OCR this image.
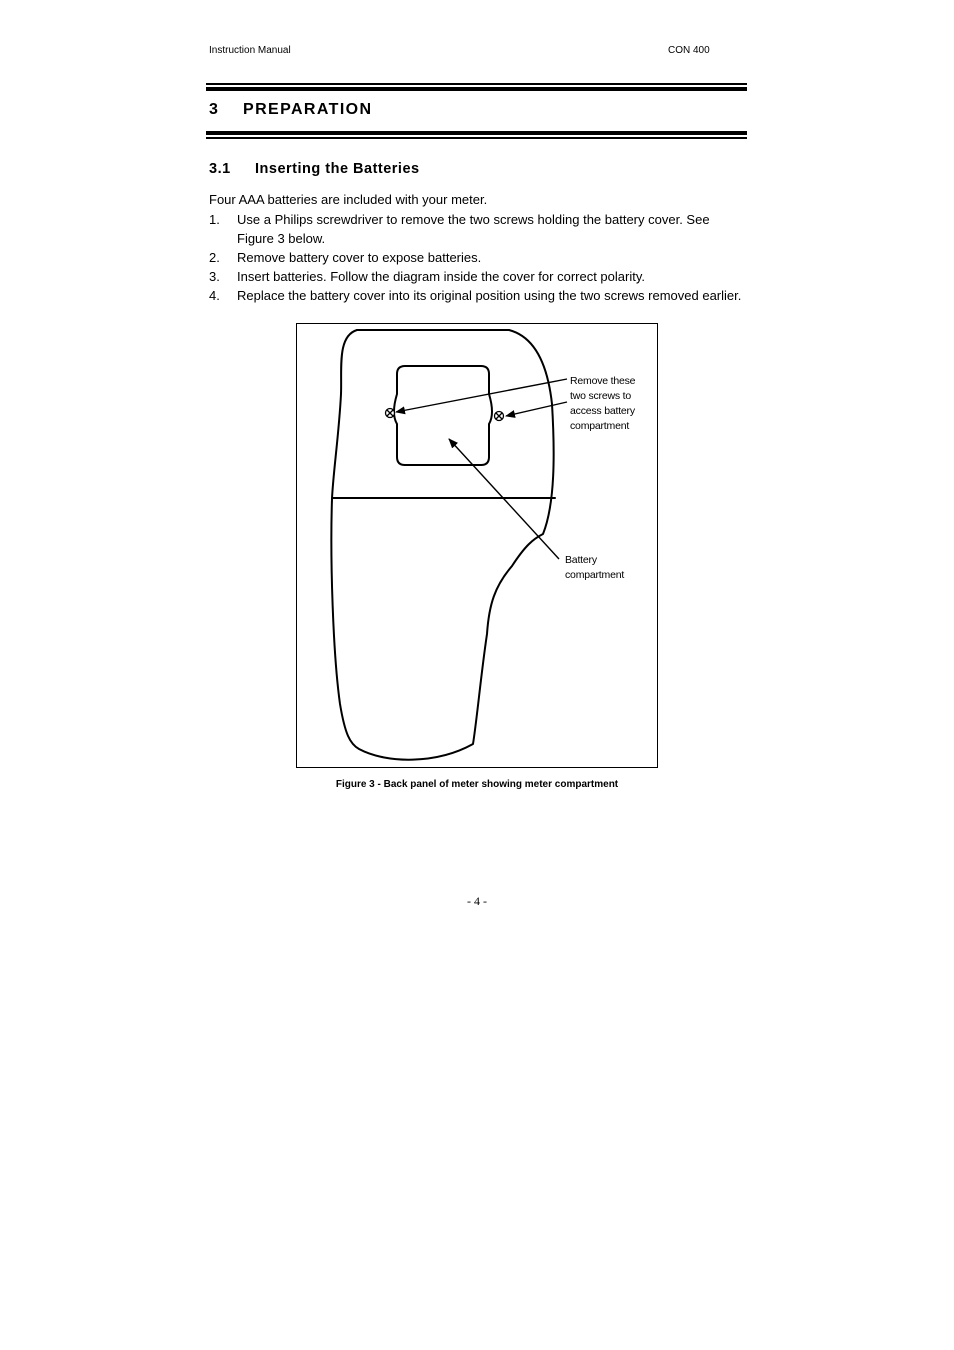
Instruction Manual	CON 400
3 PREPARATION
3.1 Inserting the Batteries
Four AAA batteries are included with your meter.
1. Use a Philips screwdriver to remove the two screws holding the battery cover. See Figure 3 below.
2. Remove battery cover to expose batteries.
3. Insert batteries. Follow the diagram inside the cover for correct polarity.
4. Replace the battery cover into its original position using the two screws removed earlier.
Remove these
two screws to
access battery
compartment
Battery
compartment
Figure 3 - Back panel of meter showing meter compartment
- 4 -
